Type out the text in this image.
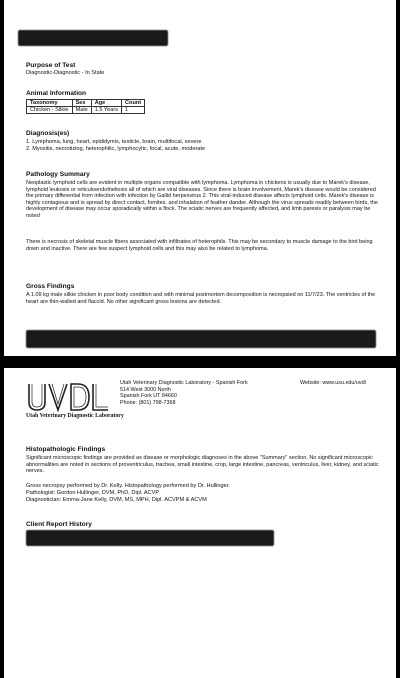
Purpose of Test
Diagnostic-Diagnostic - In State
Animal Information
Taxonomy	Sex	Age	Count
Chicken - Silkie	Male	1.5 Years	1
Diagnosis(es)
1. Lymphoma, lung, heart, epididymis, testicle, brain, multifocal, severe
2. Myositis, necrotizing, heterophilic, lymphocytic, focal, acute, moderate
Pathology Summary
Neoplastic lymphoid cells are evident in multiple organs compatible with lymphoma. Lymphoma in chickens is usually due to Marek's disease, lymphoid leukosis or reticuloendotheliosis all of which are viral diseases. Since there is brain involvement, Marek's disease would be considered the primary differential from infection with infection by Gallid herpesvirus 2. This viral-induced disease affects lymphoid cells. Marek's disease is highly contagious and is spread by direct contact, fomites, and inhalation of feather dander. Although the virus spreads readily between birds, the development of disease may occur sporadically within a flock. The sciatic nerves are frequently affected, and limb paresis or paralysis may be noted
There is necrosis of skeletal muscle fibers associated with infiltrates of heterophils. This may be secondary to muscle damage to the bird being down and inactive. There are few suspect lymphoid cells and this may also be related to lymphoma.
Gross Findings
A 1.09 kg male silkie chicken in poor body condition and with minimal postmortem decomposition is necropsied on 11/7/23. The ventricles of the heart are thin-walled and flaccid. No other significant gross lesions are detected.
Utah Veterinary Diagnostic Laboratory
Utah Veterinary Diagnostic Laboratory - Spanish Fork
514 West 3000 North
Spanish Fork UT 84660
Phone: (801) 798-7368
Website: www.usu.edu/uvdl
Histopathologic Findings
Significant microscopic findings are provided as disease or morphologic diagnoses in the above "Summary" section. No significant microscopic abnormalities are noted in sections of proventriculus, trachea, small intestine, crop, large intestine, pancreas, ventriculus, liver, kidney, and sciatic nerves.
Gross necropsy performed by Dr. Kelly. Histopathology performed by Dr. Hullinger.
Pathologist: Gordon Hullinger, DVM, PhD, Dipl. ACVP
Diagnostician: Emma-Jane Kelly, DVM, MS, MPH, Dipl. ACVPM & ACVM
Client Report History
